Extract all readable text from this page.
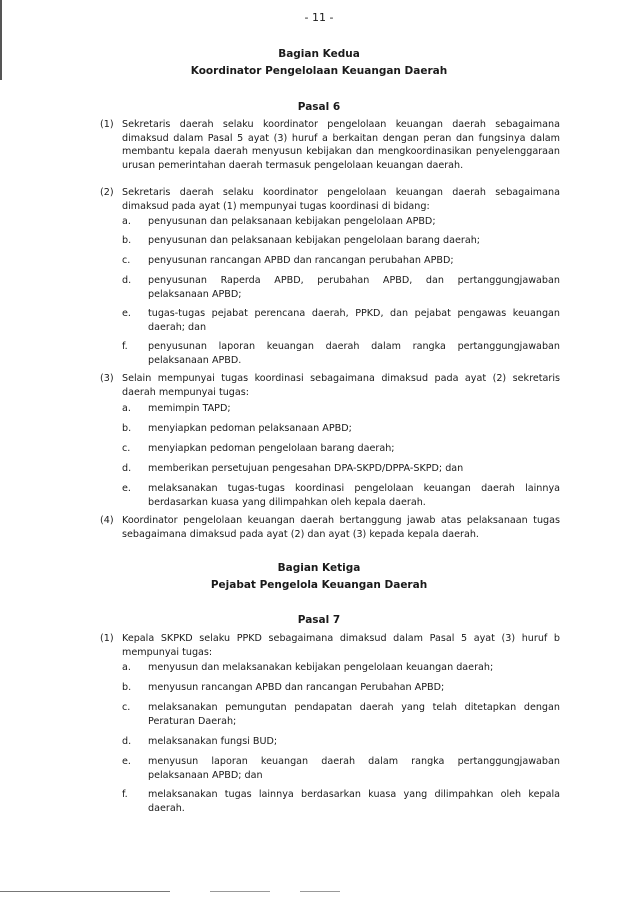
- 11 -
Bagian Kedua
Koordinator Pengelolaan Keuangan Daerah
Pasal 6
(1) Sekretaris daerah selaku koordinator pengelolaan keuangan daerah sebagaimana dimaksud dalam Pasal 5 ayat (3) huruf a berkaitan dengan peran dan fungsinya dalam membantu kepala daerah menyusun kebijakan dan mengkoordinasikan penyelenggaraan urusan pemerintahan daerah termasuk pengelolaan keuangan daerah.
(2) Sekretaris daerah selaku koordinator pengelolaan keuangan daerah sebagaimana dimaksud pada ayat (1) mempunyai tugas koordinasi di bidang:
a. penyusunan dan pelaksanaan kebijakan pengelolaan APBD;
b. penyusunan dan pelaksanaan kebijakan pengelolaan barang daerah;
c. penyusunan rancangan APBD dan rancangan perubahan APBD;
d. penyusunan Raperda APBD, perubahan APBD, dan pertanggungjawaban pelaksanaan APBD;
e. tugas-tugas pejabat perencana daerah, PPKD, dan pejabat pengawas keuangan daerah; dan
f. penyusunan laporan keuangan daerah dalam rangka pertanggungjawaban pelaksanaan APBD.
(3) Selain mempunyai tugas koordinasi sebagaimana dimaksud pada ayat (2) sekretaris daerah mempunyai tugas:
a. memimpin TAPD;
b. menyiapkan pedoman pelaksanaan APBD;
c. menyiapkan pedoman pengelolaan barang daerah;
d. memberikan persetujuan pengesahan DPA-SKPD/DPPA-SKPD; dan
e. melaksanakan tugas-tugas koordinasi pengelolaan keuangan daerah lainnya berdasarkan kuasa yang dilimpahkan oleh kepala daerah.
(4) Koordinator pengelolaan keuangan daerah bertanggung jawab atas pelaksanaan tugas sebagaimana dimaksud pada ayat (2) dan ayat (3) kepada kepala daerah.
Bagian Ketiga
Pejabat Pengelola Keuangan Daerah
Pasal 7
(1) Kepala SKPKD selaku PPKD sebagaimana dimaksud dalam Pasal 5 ayat (3) huruf b mempunyai tugas:
a. menyusun dan melaksanakan kebijakan pengelolaan keuangan daerah;
b. menyusun rancangan APBD dan rancangan Perubahan APBD;
c. melaksanakan pemungutan pendapatan daerah yang telah ditetapkan dengan Peraturan Daerah;
d. melaksanakan fungsi BUD;
e. menyusun laporan keuangan daerah dalam rangka pertanggungjawaban pelaksanaan APBD; dan
f. melaksanakan tugas lainnya berdasarkan kuasa yang dilimpahkan oleh kepala daerah.
